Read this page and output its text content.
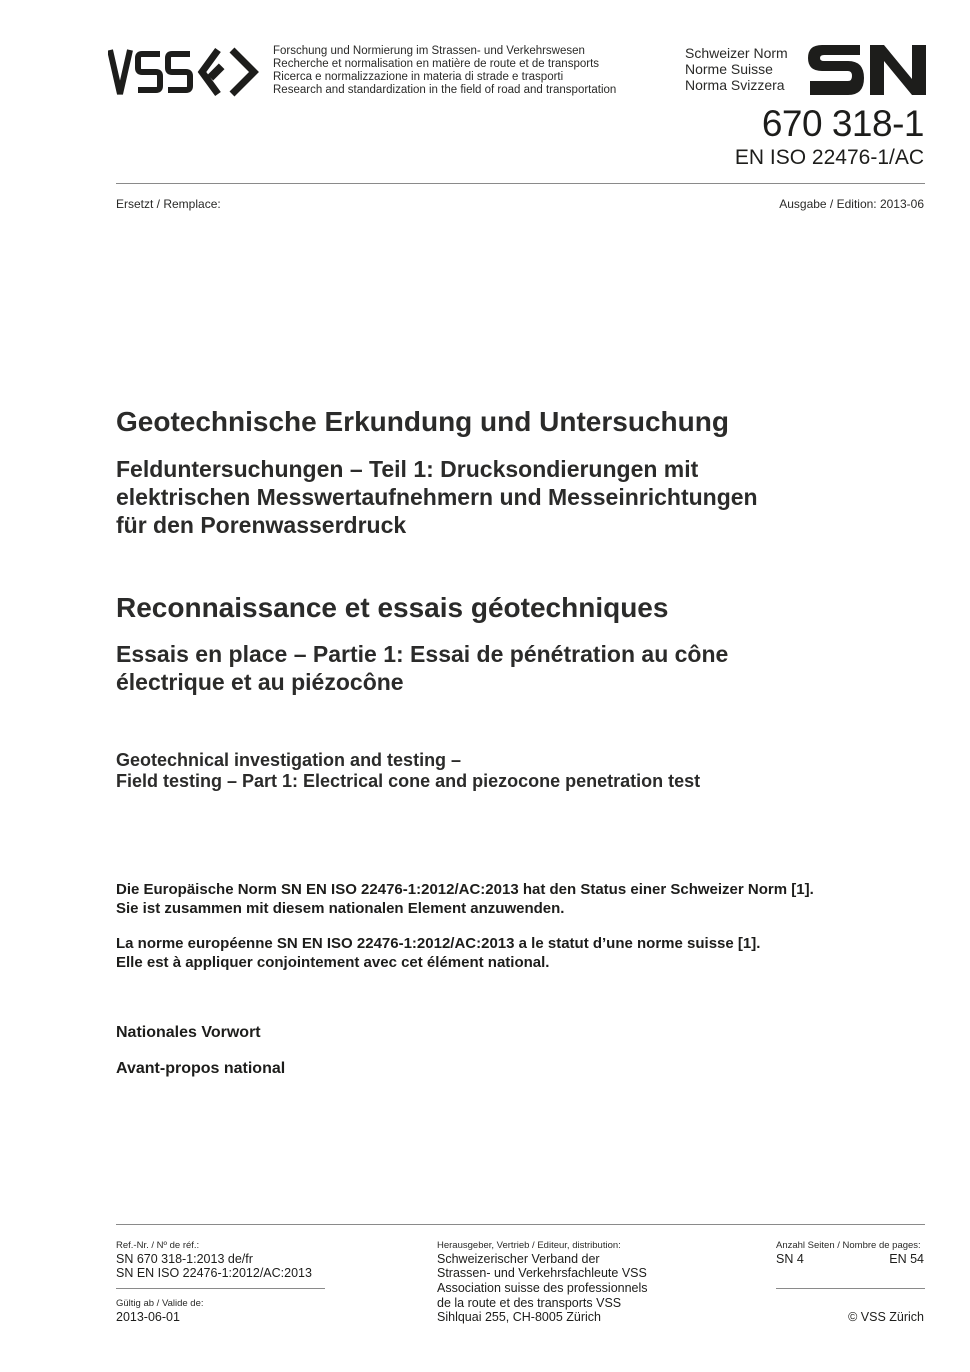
Forschung und Normierung im Strassen- und Verkehrswesen
Recherche et normalisation en matière de route et de transports
Ricerca e normalizzazione in materia di strade e trasporti
Research and standardization in the field of road and transportation
Schweizer Norm
Norme Suisse
Norma Svizzera
670 318-1
EN ISO 22476-1/AC
Ersetzt / Remplace:	Ausgabe / Edition: 2013-06
Geotechnische Erkundung und Untersuchung
Felduntersuchungen – Teil 1: Drucksondierungen mit
elektrischen Messwertaufnehmern und Messeinrichtungen
für den Porenwasserdruck
Reconnaissance et essais géotechniques
Essais en place – Partie 1: Essai de pénétration au cône
électrique et au piézocône
Geotechnical investigation and testing –
Field testing – Part 1: Electrical cone and piezocone penetration test
Die Europäische Norm SN EN ISO 22476-1:2012/AC:2013 hat den Status einer Schweizer Norm [1].
Sie ist zusammen mit diesem nationalen Element anzuwenden.
La norme européenne SN EN ISO 22476-1:2012/AC:2013 a le statut d’une norme suisse [1].
Elle est à appliquer conjointement avec cet élément national.
Nationales Vorwort
Avant-propos national
Ref.-Nr. / Nº de réf.:
SN 670 318-1:2013 de/fr
SN EN ISO 22476-1:2012/AC:2013
Gültig ab / Valide de:
2013-06-01
Herausgeber, Vertrieb / Editeur, distribution:
Schweizerischer Verband der
Strassen- und Verkehrsfachleute VSS
Association suisse des professionnels
de la route et des transports VSS
Sihlquai 255, CH-8005 Zürich
Anzahl Seiten / Nombre de pages:
SN 4	EN 54
© VSS Zürich
